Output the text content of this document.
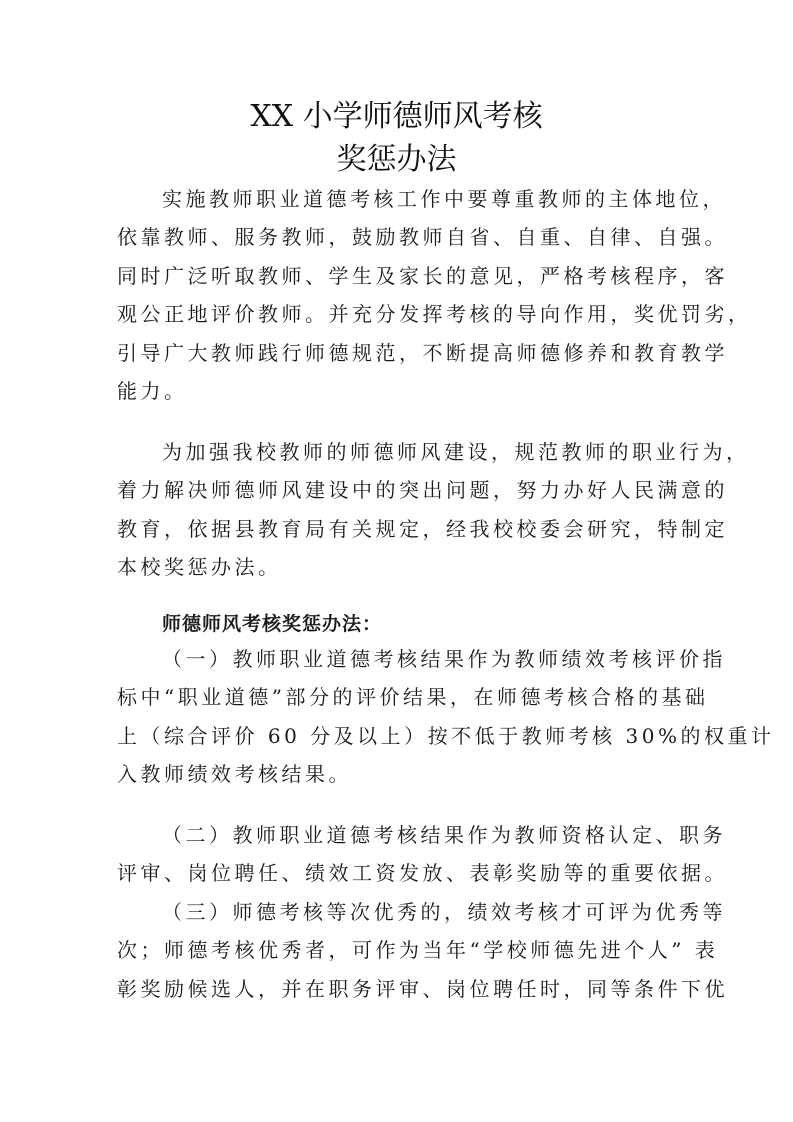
XX 小学师德师风考核
奖惩办法
实施教师职业道德考核工作中要尊重教师的主体地位，
依靠教师、服务教师，鼓励教师自省、自重、自律、自强。
同时广泛听取教师、学生及家长的意见，严格考核程序，客
观公正地评价教师。并充分发挥考核的导向作用，奖优罚劣，
引导广大教师践行师德规范，不断提高师德修养和教育教学
能力。
为加强我校教师的师德师风建设，规范教师的职业行为，
着力解决师德师风建设中的突出问题，努力办好人民满意的
教育，依据县教育局有关规定，经我校校委会研究，特制定
本校奖惩办法。
师德师风考核奖惩办法：
（一）教师职业道德考核结果作为教师绩效考核评价指
标中“职业道德”部分的评价结果，在师德考核合格的基础
上（综合评价 60 分及以上）按不低于教师考核 30%的权重计
入教师绩效考核结果。
（二）教师职业道德考核结果作为教师资格认定、职务
评审、岗位聘任、绩效工资发放、表彰奖励等的重要依据。
（三）师德考核等次优秀的，绩效考核才可评为优秀等
次；师德考核优秀者，可作为当年“学校师德先进个人” 表
彰奖励候选人，并在职务评审、岗位聘任时，同等条件下优
